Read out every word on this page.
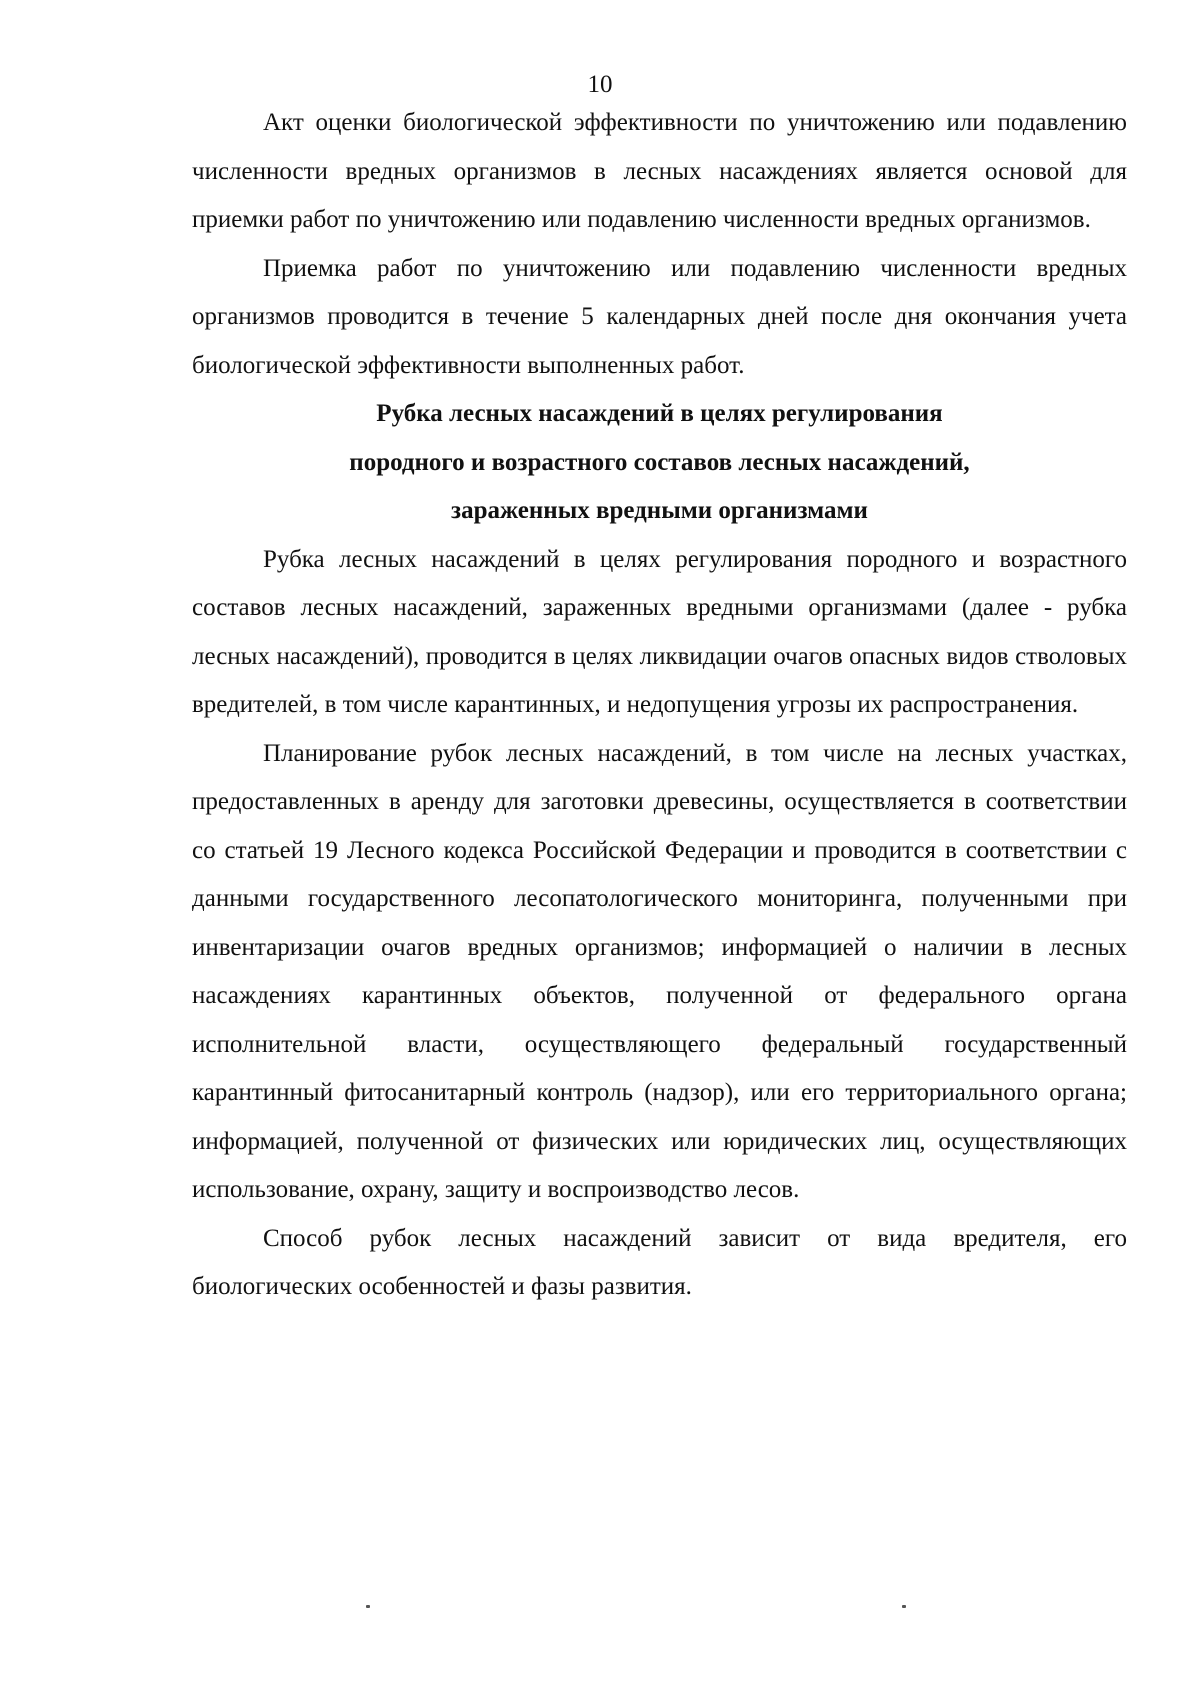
10

Акт оценки биологической эффективности по уничтожению или подавлению численности вредных организмов в лесных насаждениях является основой для приемки работ по уничтожению или подавлению численности вредных организмов.

Приемка работ по уничтожению или подавлению численности вредных организмов проводится в течение 5 календарных дней после дня окончания учета биологической эффективности выполненных работ.

Рубка лесных насаждений в целях регулирования
породного и возрастного составов лесных насаждений,
зараженных вредными организмами

Рубка лесных насаждений в целях регулирования породного и возрастного составов лесных насаждений, зараженных вредными организмами (далее - рубка лесных насаждений), проводится в целях ликвидации очагов опасных видов стволовых вредителей, в том числе карантинных, и недопущения угрозы их распространения.

Планирование рубок лесных насаждений, в том числе на лесных участках, предоставленных в аренду для заготовки древесины, осуществляется в соответствии со статьей 19 Лесного кодекса Российской Федерации и проводится в соответствии с данными государственного лесопатологического мониторинга, полученными при инвентаризации очагов вредных организмов; информацией о наличии в лесных насаждениях карантинных объектов, полученной от федерального органа исполнительной власти, осуществляющего федеральный государственный карантинный фитосанитарный контроль (надзор), или его территориального органа; информацией, полученной от физических или юридических лиц, осуществляющих использование, охрану, защиту и воспроизводство лесов.

Способ рубок лесных насаждений зависит от вида вредителя, его биологических особенностей и фазы развития.
